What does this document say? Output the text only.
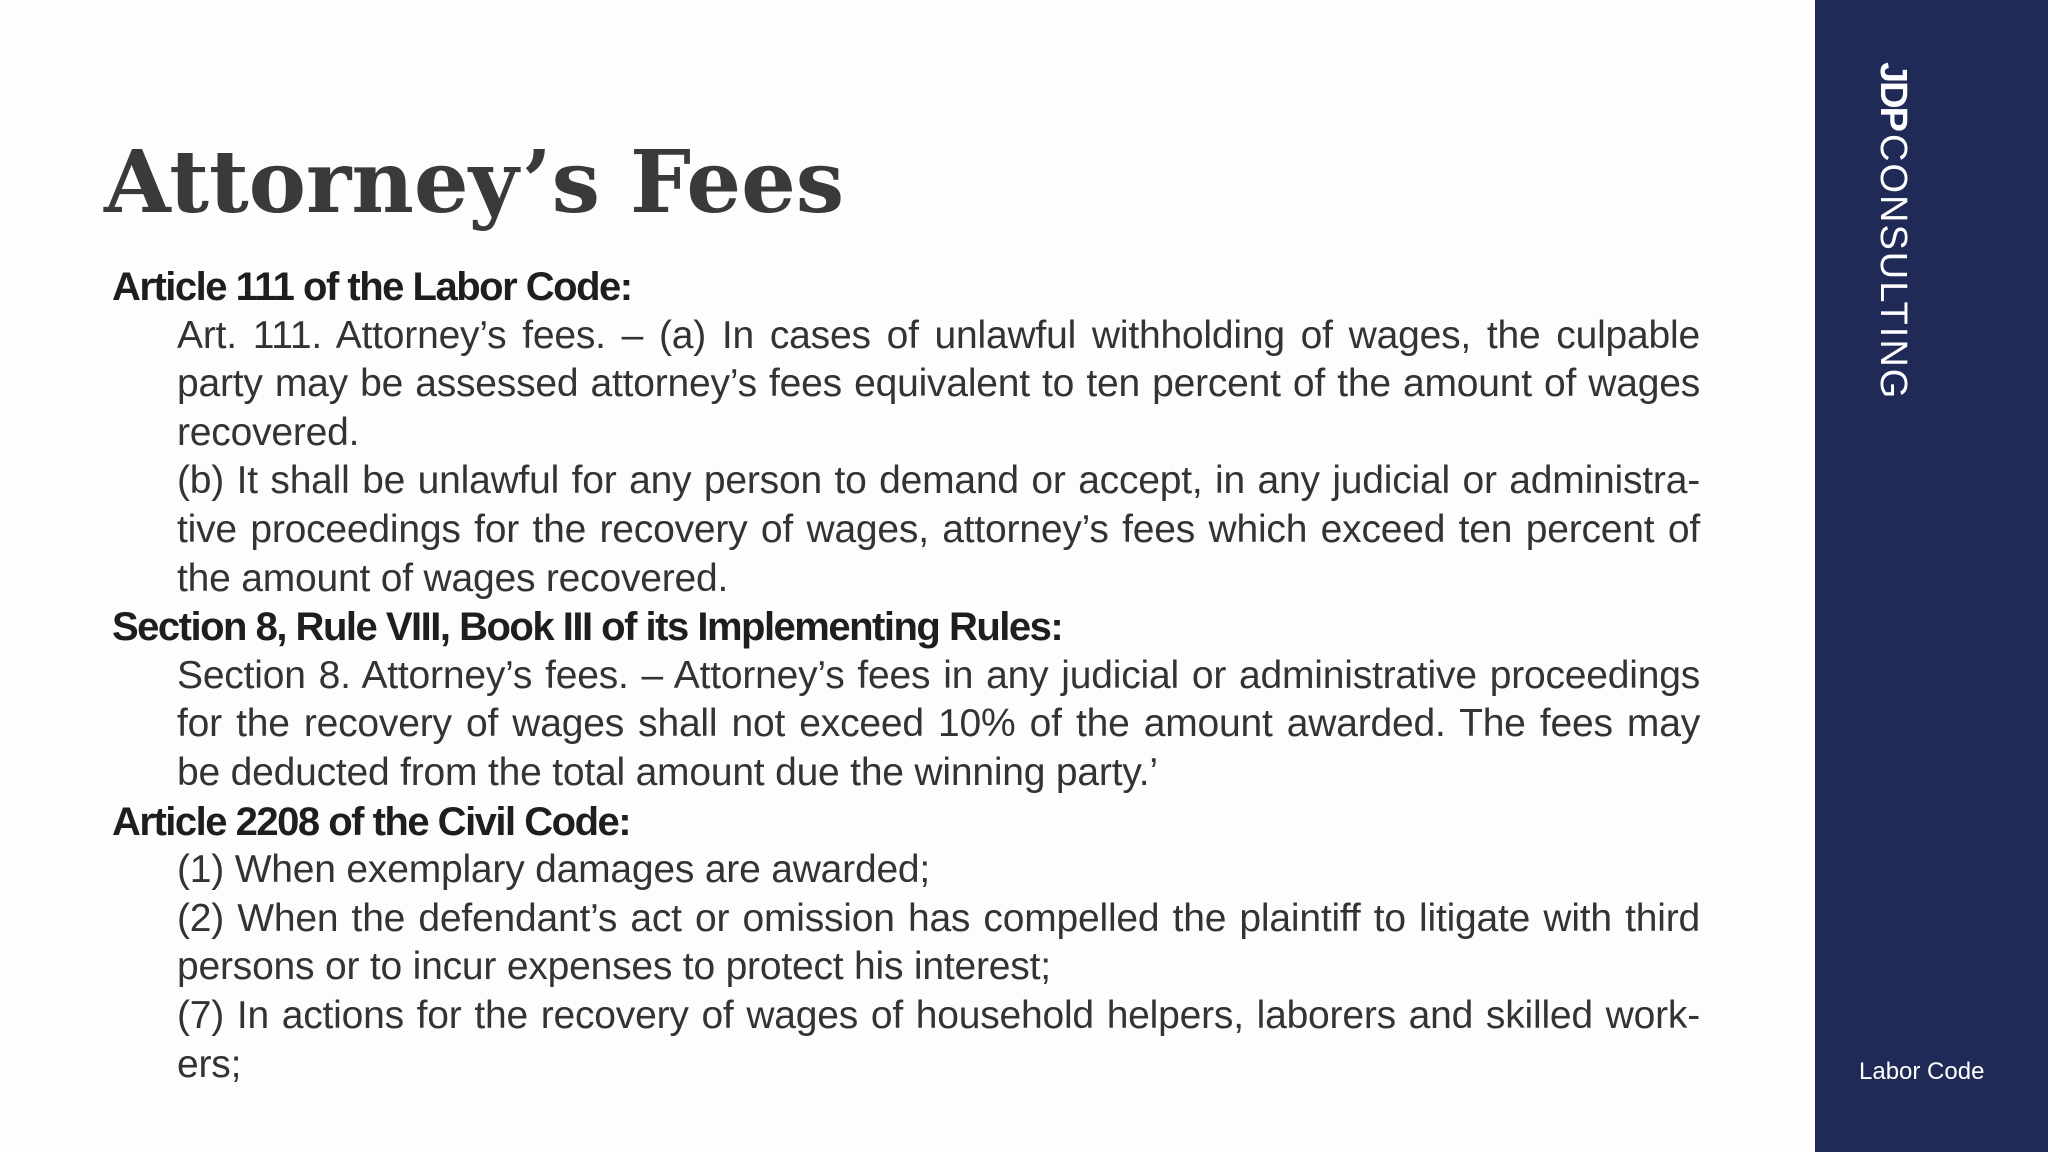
Attorney’s Fees
Article 111 of the Labor Code:
Art. 111. Attorney’s fees. – (a) In cases of unlawful withholding of wages, the culpable party may be assessed attorney’s fees equivalent to ten percent of the amount of wages recovered.
(b) It shall be unlawful for any person to demand or accept, in any judicial or administra-tive proceedings for the recovery of wages, attorney’s fees which exceed ten percent of the amount of wages recovered.
Section 8, Rule VIII, Book III of its Implementing Rules:
Section 8. Attorney’s fees. – Attorney’s fees in any judicial or administrative proceedings for the recovery of wages shall not exceed 10% of the amount awarded. The fees may be deducted from the total amount due the winning party.’
Article 2208 of the Civil Code:
(1) When exemplary damages are awarded;
(2) When the defendant’s act or omission has compelled the plaintiff to litigate with third persons or to incur expenses to protect his interest;
(7) In actions for the recovery of wages of household helpers, laborers and skilled work-ers;
JDPCONSULTING
Labor Code
